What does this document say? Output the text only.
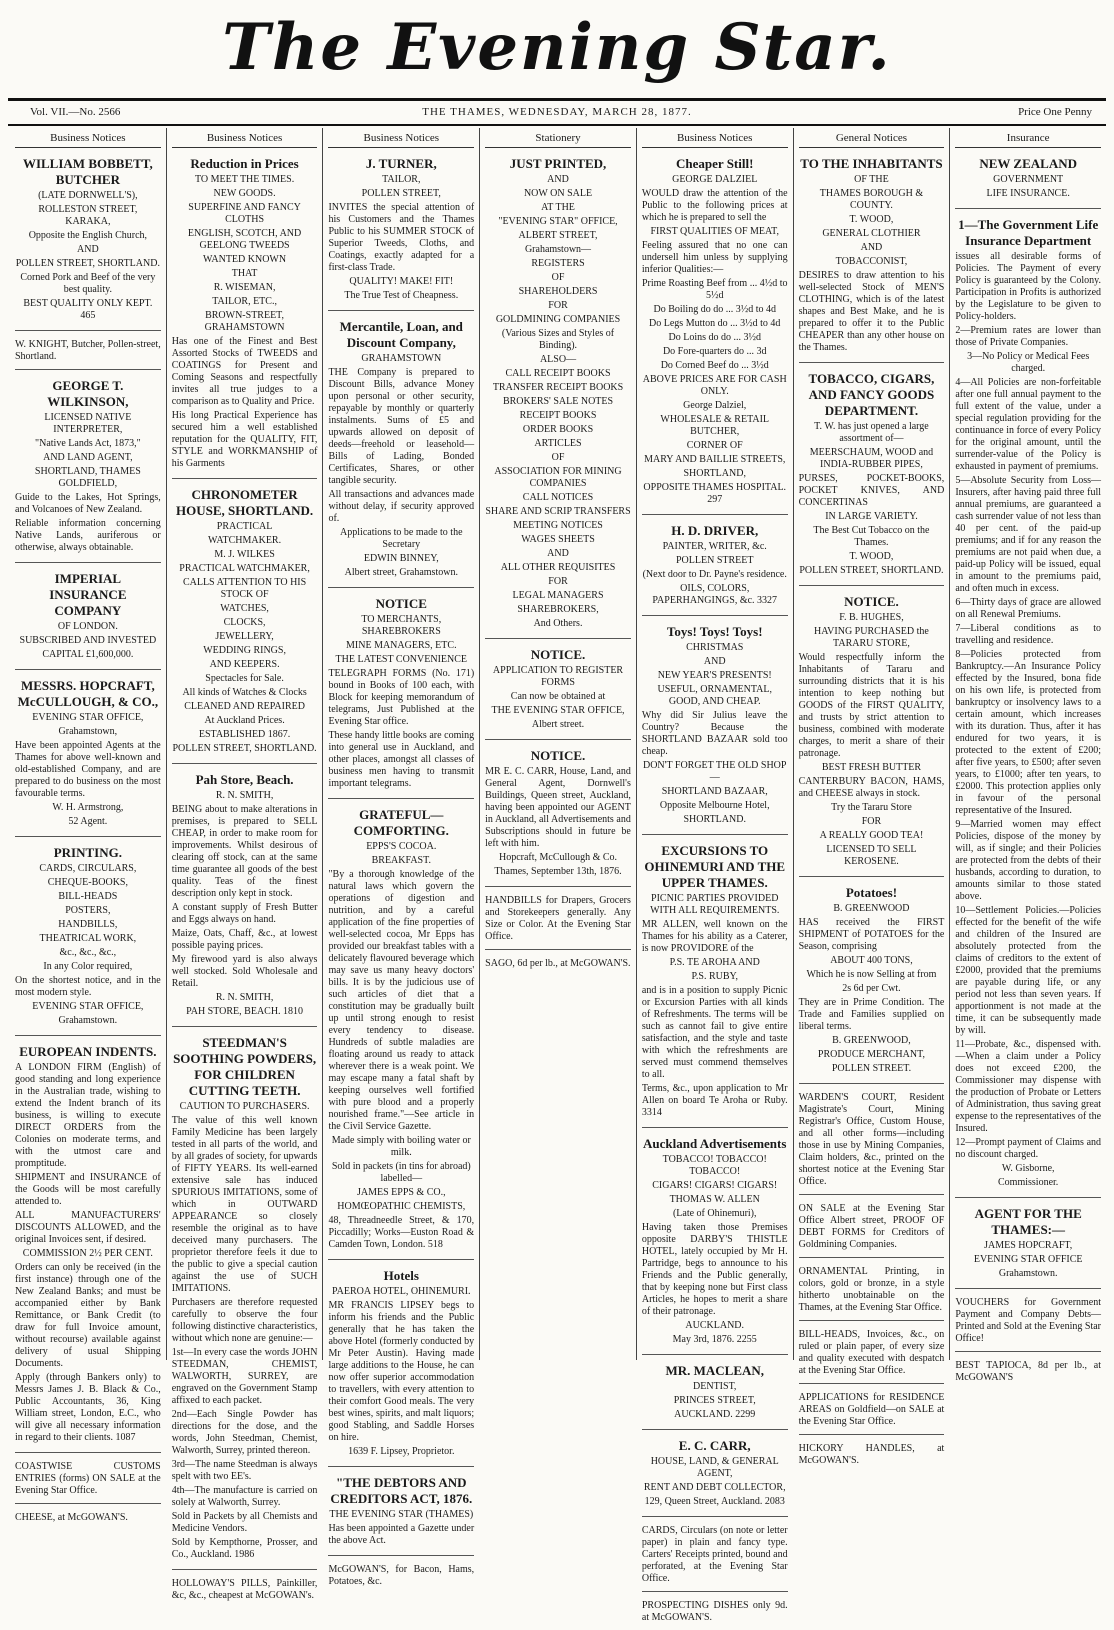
The Evening Star.
Vol. VII.—No. 2566	THE THAMES, WEDNESDAY, MARCH 28, 1877.	Price One Penny
Business Notices
WILLIAM BOBBETT, BUTCHER

(LATE DORNWELL'S),

ROLLESTON STREET, KARAKA,

Opposite the English Church,

AND

POLLEN STREET, SHORTLAND.

Corned Pork and Beef of the very best quality.

BEST QUALITY ONLY KEPT. 465

W. KNIGHT, Butcher, Pollen-street, Shortland.
GEORGE T. WILKINSON,

LICENSED NATIVE INTERPRETER,

"Native Lands Act, 1873,"

AND LAND AGENT,

SHORTLAND, THAMES GOLDFIELD,

Guide to the Lakes, Hot Springs, and Volcanoes of New Zealand.

Reliable information concerning Native Lands, auriferous or otherwise, always obtainable.

IMPERIAL INSURANCE COMPANY

OF LONDON.

SUBSCRIBED AND INVESTED

CAPITAL £1,600,000.

MESSRS. HOPCRAFT, McCULLOUGH, & CO.,

EVENING STAR OFFICE,

Grahamstown,

Have been appointed Agents at the Thames for above well-known and old-established Company, and are prepared to do business on the most favourable terms.

W. H. Armstrong,

52 Agent.

PRINTING.

CARDS, CIRCULARS,

CHEQUE-BOOKS,

BILL-HEADS

POSTERS,

HANDBILLS,

THEATRICAL WORK,

&c., &c., &c.,

In any Color required,

On the shortest notice, and in the most modern style.

EVENING STAR OFFICE,

Grahamstown.

EUROPEAN INDENTS.

A LONDON FIRM (English) of good standing and long experience in the Australian trade, wishing to extend the Indent branch of its business, is willing to execute DIRECT ORDERS from the Colonies on moderate terms, and with the utmost care and promptitude.

SHIPMENT and INSURANCE of the Goods will be most carefully attended to.

ALL MANUFACTURERS' DISCOUNTS ALLOWED, and the original Invoices sent, if desired.

COMMISSION 2½ PER CENT.

Orders can only be received (in the first instance) through one of the New Zealand Banks; and must be accompanied either by Bank Remittance, or Bank Credit (to draw for full Invoice amount, without recourse) available against delivery of usual Shipping Documents.

Apply (through Bankers only) to Messrs James J. B. Black & Co., Public Accountants, 36, King William street, London, E.C., who will give all necessary information in regard to their clients. 1087

COASTWISE CUSTOMS ENTRIES (forms) ON SALE at the Evening Star Office.
CHEESE, at McGOWAN'S.
Business Notices
Reduction in Prices

TO MEET THE TIMES.

NEW GOODS.

SUPERFINE AND FANCY CLOTHS

ENGLISH, SCOTCH, AND GEELONG TWEEDS

WANTED KNOWN

THAT

R. WISEMAN,

TAILOR, ETC.,

BROWN-STREET, GRAHAMSTOWN

Has one of the Finest and Best Assorted Stocks of TWEEDS and COATINGS for Present and Coming Seasons and respectfully invites all true judges to a comparison as to Quality and Price.

His long Practical Experience has secured him a well established reputation for the QUALITY, FIT, STYLE and WORKMANSHIP of his Garments

CHRONOMETER HOUSE, SHORTLAND.

PRACTICAL

WATCHMAKER.

M. J. WILKES

PRACTICAL WATCHMAKER,

CALLS ATTENTION TO HIS STOCK OF

WATCHES,

CLOCKS,

JEWELLERY,

WEDDING RINGS,

AND KEEPERS.

Spectacles for Sale.

All kinds of Watches & Clocks

CLEANED AND REPAIRED

At Auckland Prices.

ESTABLISHED 1867.

POLLEN STREET, SHORTLAND.

Pah Store, Beach.

R. N. SMITH,

BEING about to make alterations in premises, is prepared to SELL CHEAP, in order to make room for improvements. Whilst desirous of clearing off stock, can at the same time guarantee all goods of the best quality. Teas of the finest description only kept in stock.

A constant supply of Fresh Butter and Eggs always on hand.

Maize, Oats, Chaff, &c., at lowest possible paying prices.

My firewood yard is also always well stocked. Sold Wholesale and Retail.

R. N. SMITH,

PAH STORE, BEACH. 1810

STEEDMAN'S SOOTHING POWDERS, FOR CHILDREN CUTTING TEETH.

CAUTION TO PURCHASERS.

The value of this well known Family Medicine has been largely tested in all parts of the world, and by all grades of society, for upwards of FIFTY YEARS. Its well-earned extensive sale has induced SPURIOUS IMITATIONS, some of which in OUTWARD APPEARANCE so closely resemble the original as to have deceived many purchasers. The proprietor therefore feels it due to the public to give a special caution against the use of SUCH IMITATIONS.

Purchasers are therefore requested carefully to observe the four following distinctive characteristics, without which none are genuine:—

1st—In every case the words JOHN STEEDMAN, CHEMIST, WALWORTH, SURREY, are engraved on the Government Stamp affixed to each packet.

2nd—Each Single Powder has directions for the dose, and the words, John Steedman, Chemist, Walworth, Surrey, printed thereon.

3rd—The name Steedman is always spelt with two EE's.

4th—The manufacture is carried on solely at Walworth, Surrey.

Sold in Packets by all Chemists and Medicine Vendors.

Sold by Kempthorne, Prosser, and Co., Auckland. 1986

HOLLOWAY'S PILLS, Painkiller, &c, &c., cheapest at McGOWAN's.
Business Notices
J. TURNER,

TAILOR,

POLLEN STREET,

INVITES the special attention of his Customers and the Thames Public to his SUMMER STOCK of Superior Tweeds, Cloths, and Coatings, exactly adapted for a first-class Trade.

QUALITY! MAKE! FIT!

The True Test of Cheapness.

Mercantile, Loan, and Discount Company,

GRAHAMSTOWN

THE Company is prepared to Discount Bills, advance Money upon personal or other security, repayable by monthly or quarterly instalments. Sums of £5 and upwards allowed on deposit of deeds—freehold or leasehold—Bills of Lading, Bonded Certificates, Shares, or other tangible security.

All transactions and advances made without delay, if security approved of.

Applications to be made to the Secretary

EDWIN BINNEY,

Albert street, Grahamstown.

NOTICE

TO MERCHANTS, SHAREBROKERS

MINE MANAGERS, ETC.

THE LATEST CONVENIENCE

TELEGRAPH FORMS (No. 171) bound in Books of 100 each, with Block for keeping memorandum of telegrams, Just Published at the Evening Star office.

These handy little books are coming into general use in Auckland, and other places, amongst all classes of business men having to transmit important telegrams.

GRATEFUL—COMFORTING.

EPPS'S COCOA.

BREAKFAST.

"By a thorough knowledge of the natural laws which govern the operations of digestion and nutrition, and by a careful application of the fine properties of well-selected cocoa, Mr Epps has provided our breakfast tables with a delicately flavoured beverage which may save us many heavy doctors' bills. It is by the judicious use of such articles of diet that a constitution may be gradually built up until strong enough to resist every tendency to disease. Hundreds of subtle maladies are floating around us ready to attack wherever there is a weak point. We may escape many a fatal shaft by keeping ourselves well fortified with pure blood and a properly nourished frame."—See article in the Civil Service Gazette.

Made simply with boiling water or milk.

Sold in packets (in tins for abroad) labelled—

JAMES EPPS & CO.,

HOMŒOPATHIC CHEMISTS,

48, Threadneedle Street, & 170, Piccadilly; Works—Euston Road & Camden Town, London. 518

Hotels

PAEROA HOTEL, OHINEMURI.

MR FRANCIS LIPSEY begs to inform his friends and the Public generally that he has taken the above Hotel (formerly conducted by Mr Peter Austin). Having made large additions to the House, he can now offer superior accommodation to travellers, with every attention to their comfort Good meals. The very best wines, spirits, and malt liquors; good Stabling, and Saddle Horses on hire.

1639 F. Lipsey, Proprietor.

"THE DEBTORS AND CREDITORS ACT, 1876.

THE EVENING STAR (THAMES)

Has been appointed a Gazette under the above Act.

McGOWAN'S, for Bacon, Hams, Potatoes, &c.
Stationery
JUST PRINTED,

AND

NOW ON SALE

AT THE

"EVENING STAR" OFFICE,

ALBERT STREET,

Grahamstown—

REGISTERS

OF

SHAREHOLDERS

FOR

GOLDMINING COMPANIES

(Various Sizes and Styles of Binding).

ALSO—

CALL RECEIPT BOOKS

TRANSFER RECEIPT BOOKS

BROKERS' SALE NOTES

RECEIPT BOOKS

ORDER BOOKS

ARTICLES

OF

ASSOCIATION FOR MINING COMPANIES

CALL NOTICES

SHARE AND SCRIP TRANSFERS

MEETING NOTICES

WAGES SHEETS

AND

ALL OTHER REQUISITES

FOR

LEGAL MANAGERS

SHAREBROKERS,

And Others.

NOTICE.

APPLICATION TO REGISTER FORMS

Can now be obtained at

THE EVENING STAR OFFICE,

Albert street.

NOTICE.

MR E. C. CARR, House, Land, and General Agent, Dornwell's Buildings, Queen street, Auckland, having been appointed our AGENT in Auckland, all Advertisements and Subscriptions should in future be left with him.

Hopcraft, McCullough & Co.

Thames, September 13th, 1876.

HANDBILLS for Drapers, Grocers and Storekeepers generally. Any Size or Color. At the Evening Star Office.
SAGO, 6d per lb., at McGOWAN'S.
Business Notices
Cheaper Still!

GEORGE DALZIEL

WOULD draw the attention of the Public to the following prices at which he is prepared to sell the

FIRST QUALITIES OF MEAT,

Feeling assured that no one can undersell him unless by supplying inferior Qualities:—

Prime Roasting Beef from ... 4½d to 5½d

Do Boiling do do ... 3½d to 4d

Do Legs Mutton do ... 3½d to 4d

Do Loins do do ... 3½d

Do Fore-quarters do ... 3d

Do Corned Beef do ... 3½d

ABOVE PRICES ARE FOR CASH ONLY.

George Dalziel,

WHOLESALE & RETAIL BUTCHER,

CORNER OF

MARY AND BAILLIE STREETS,

SHORTLAND,

OPPOSITE THAMES HOSPITAL. 297

H. D. DRIVER,

PAINTER, WRITER, &c.

POLLEN STREET

(Next door to Dr. Payne's residence.

OILS, COLORS, PAPERHANGINGS, &c. 3327

Toys! Toys! Toys!

CHRISTMAS

AND

NEW YEAR'S PRESENTS!

USEFUL, ORNAMENTAL, GOOD, AND CHEAP.

Why did Sir Julius leave the Country? Because the SHORTLAND BAZAAR sold too cheap.

DON'T FORGET THE OLD SHOP—

SHORTLAND BAZAAR,

Opposite Melbourne Hotel,

SHORTLAND.

EXCURSIONS TO OHINEMURI AND THE UPPER THAMES.

PICNIC PARTIES PROVIDED WITH ALL REQUIREMENTS.

MR ALLEN, well known on the Thames for his ability as a Caterer, is now PROVIDORE of the

P.S. TE AROHA AND

P.S. RUBY,

and is in a position to supply Picnic or Excursion Parties with all kinds of Refreshments. The terms will be such as cannot fail to give entire satisfaction, and the style and taste with which the refreshments are served must commend themselves to all.

Terms, &c., upon application to Mr Allen on board Te Aroha or Ruby. 3314

Auckland Advertisements

TOBACCO! TOBACCO! TOBACCO!

CIGARS! CIGARS! CIGARS!

THOMAS W. ALLEN

(Late of Ohinemuri),

Having taken those Premises opposite DARBY'S THISTLE HOTEL, lately occupied by Mr H. Partridge, begs to announce to his Friends and the Public generally, that by keeping none but First class Articles, he hopes to merit a share of their patronage.

AUCKLAND.

May 3rd, 1876. 2255

MR. MACLEAN,

DENTIST,

PRINCES STREET,

AUCKLAND. 2299

E. C. CARR,

HOUSE, LAND, & GENERAL AGENT,

RENT AND DEBT COLLECTOR,

129, Queen Street, Auckland. 2083

CARDS, Circulars (on note or letter paper) in plain and fancy type. Carters' Receipts printed, bound and perforated, at the Evening Star Office.
PROSPECTING DISHES only 9d. at McGOWAN'S.
General Notices
TO THE INHABITANTS

OF THE

THAMES BOROUGH & COUNTY.

T. WOOD,

GENERAL CLOTHIER

AND

TOBACCONIST,

DESIRES to draw attention to his well-selected Stock of MEN'S CLOTHING, which is of the latest shapes and Best Make, and he is prepared to offer it to the Public CHEAPER than any other house on the Thames.

TOBACCO, CIGARS, AND FANCY GOODS DEPARTMENT.

T. W. has just opened a large assortment of—

MEERSCHAUM, WOOD and INDIA-RUBBER PIPES,

PURSES, POCKET-BOOKS, POCKET KNIVES, AND CONCERTINAS

IN LARGE VARIETY.

The Best Cut Tobacco on the Thames.

T. WOOD,

POLLEN STREET, SHORTLAND.

NOTICE.

F. B. HUGHES,

HAVING PURCHASED the TARARU STORE,

Would respectfully inform the Inhabitants of Tararu and surrounding districts that it is his intention to keep nothing but GOODS of the FIRST QUALITY, and trusts by strict attention to business, combined with moderate charges, to merit a share of their patronage.

BEST FRESH BUTTER

CANTERBURY BACON, HAMS, and CHEESE always in stock.

Try the Tararu Store

FOR

A REALLY GOOD TEA!

LICENSED TO SELL KEROSENE.

Potatoes!

B. GREENWOOD

HAS received the FIRST SHIPMENT of POTATOES for the Season, comprising

ABOUT 400 TONS,

Which he is now Selling at from

2s 6d per Cwt.

They are in Prime Condition. The Trade and Families supplied on liberal terms.

B. GREENWOOD,

PRODUCE MERCHANT,

POLLEN STREET.

WARDEN'S COURT, Resident Magistrate's Court, Mining Registrar's Office, Custom House, and all other forms—including those in use by Mining Companies, Claim holders, &c., printed on the shortest notice at the Evening Star Office.
ON SALE at the Evening Star Office Albert street, PROOF OF DEBT FORMS for Creditors of Goldmining Companies.
ORNAMENTAL Printing, in colors, gold or bronze, in a style hitherto unobtainable on the Thames, at the Evening Star Office.
BILL-HEADS, Invoices, &c., on ruled or plain paper, of every size and quality executed with despatch at the Evening Star Office.
APPLICATIONS for RESIDENCE AREAS on Goldfield—on SALE at the Evening Star Office.
HICKORY HANDLES, at McGOWAN'S.
Insurance
NEW ZEALAND

GOVERNMENT

LIFE INSURANCE.

1—The Government Life Insurance Department

issues all desirable forms of Policies. The Payment of every Policy is guaranteed by the Colony. Participation in Profits is authorized by the Legislature to be given to Policy-holders.

2—Premium rates are lower than those of Private Companies.

3—No Policy or Medical Fees charged.

4—All Policies are non-forfeitable after one full annual payment to the full extent of the value, under a special regulation providing for the continuance in force of every Policy for the original amount, until the surrender-value of the Policy is exhausted in payment of premiums.

5—Absolute Security from Loss—Insurers, after having paid three full annual premiums, are guaranteed a cash surrender value of not less than 40 per cent. of the paid-up premiums; and if for any reason the premiums are not paid when due, a paid-up Policy will be issued, equal in amount to the premiums paid, and often much in excess.

6—Thirty days of grace are allowed on all Renewal Premiums.

7—Liberal conditions as to travelling and residence.

8—Policies protected from Bankruptcy.—An Insurance Policy effected by the Insured, bona fide on his own life, is protected from bankruptcy or insolvency laws to a certain amount, which increases with its duration. Thus, after it has endured for two years, it is protected to the extent of £200; after five years, to £500; after seven years, to £1000; after ten years, to £2000. This protection applies only in favour of the personal representative of the Insured.

9—Married women may effect Policies, dispose of the money by will, as if single; and their Policies are protected from the debts of their husbands, according to duration, to amounts similar to those stated above.

10—Settlement Policies.—Policies effected for the benefit of the wife and children of the Insured are absolutely protected from the claims of creditors to the extent of £2000, provided that the premiums are payable during life, or any period not less than seven years. If apportionment is not made at the time, it can be subsequently made by will.

11—Probate, &c., dispensed with.—When a claim under a Policy does not exceed £200, the Commissioner may dispense with the production of Probate or Letters of Administration, thus saving great expense to the representatives of the Insured.

12—Prompt payment of Claims and no discount charged.

W. Gisborne,

Commissioner.

AGENT FOR THE THAMES:—

JAMES HOPCRAFT,

EVENING STAR OFFICE

Grahamstown.

VOUCHERS for Government Payment and Company Debts—Printed and Sold at the Evening Star Office!
BEST TAPIOCA, 8d per lb., at McGOWAN'S
